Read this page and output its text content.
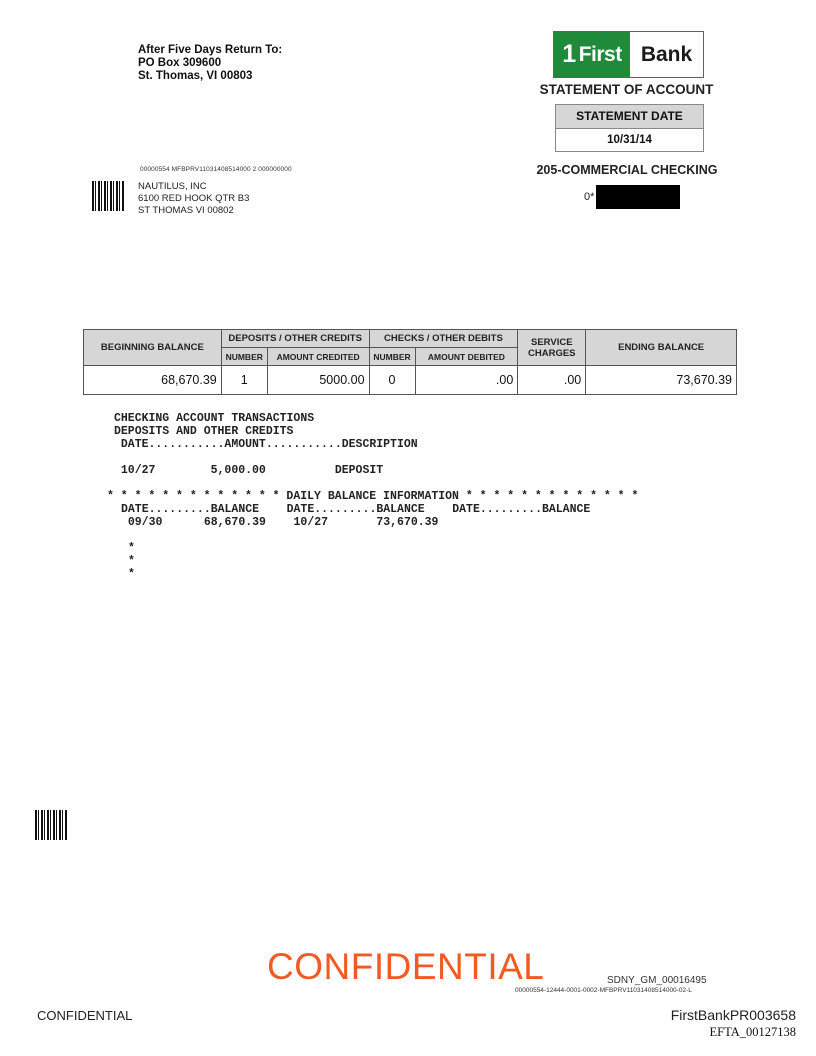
After Five Days Return To:
PO Box 309600
St. Thomas, VI 00803
1 First Bank
STATEMENT OF ACCOUNT
STATEMENT DATE
10/31/14
205-COMMERCIAL CHECKING
0*
00000554 MFBPRV11031408514000 2 000000000
NAUTILUS, INC
6100 RED HOOK QTR B3
ST THOMAS VI 00802
BEGINNING BALANCE	DEPOSITS / OTHER CREDITS		CHECKS / OTHER DEBITS		SERVICE
CHARGES	ENDING BALANCE
	NUMBER	AMOUNT CREDITED	NUMBER	AMOUNT DEBITED		
68,670.39	1	5000.00	0	.00	.00	73,670.39
CHECKING ACCOUNT TRANSACTIONS
DEPOSITS AND OTHER CREDITS
DATE...........AMOUNT...........DESCRIPTION
10/27        5,000.00          DEPOSIT
* * * * * * * * * * * * * DAILY BALANCE INFORMATION * * * * * * * * * * * * *
DATE.........BALANCE    DATE.........BALANCE    DATE.........BALANCE
09/30      68,670.39    10/27       73,670.39
*
*
*
CONFIDENTIAL	SDNY_GM_00016495
00000554-12444-0001-0002-MFBPRV11031408514000-02-L
CONFIDENTIAL	FirstBankPR003658
EFTA_00127138
